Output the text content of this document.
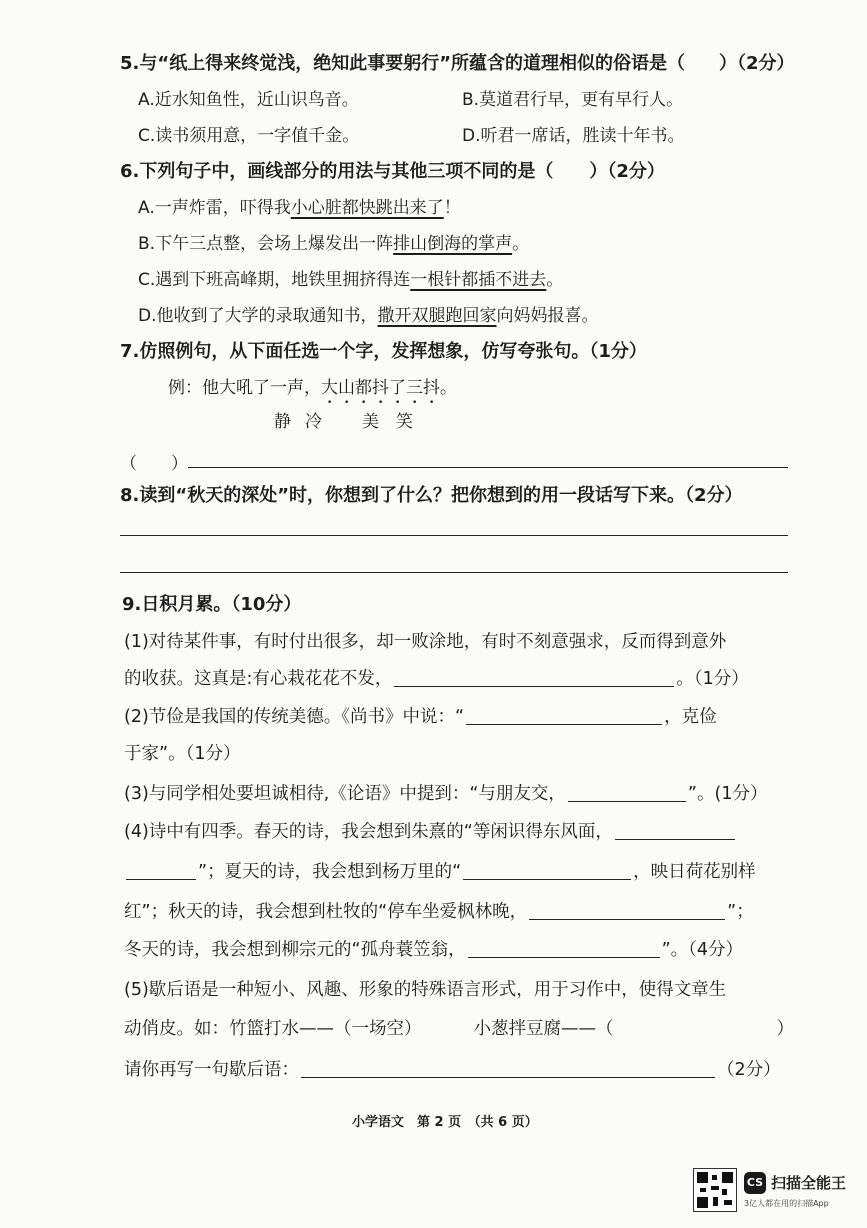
5.与“纸上得来终觉浅，绝知此事要躬行”所蕴含的道理相似的俗语是（ ）（2分）
A.近水知鱼性，近山识鸟音。	B.莫道君行早，更有早行人。
C.读书须用意，一字值千金。	D.听君一席话，胜读十年书。
6.下列句子中，画线部分的用法与其他三项不同的是（　　）（2分）
A.一声炸雷，吓得我小心脏都快跳出来了！
B.下午三点整，会场上爆发出一阵排山倒海的掌声。
C.遇到下班高峰期，地铁里拥挤得连一根针都插不进去。
D.他收到了大学的录取通知书，撒开双腿跑回家向妈妈报喜。
7.仿照例句，从下面任选一个字，发挥想象，仿写夸张句。（1分）
例：他大吼了一声，大山都抖了三抖。
静 冷 美 笑
（　　）
8.读到“秋天的深处”时，你想到了什么？把你想到的用一段话写下来。（2分）
9.日积月累。（10分）
(1)对待某件事，有时付出很多，却一败涂地，有时不刻意强求，反而得到意外
的收获。这真是:有心栽花花不发，	。（1分）
(2)节俭是我国的传统美德。《尚书》中说：“	，克俭
于家”。（1分）
(3)与同学相处要坦诚相待,《论语》中提到：“与朋友交，	”。(1分）
(4)诗中有四季。春天的诗，我会想到朱熹的“等闲识得东风面，
”；夏天的诗，我会想到杨万里的“	，映日荷花别样
红”；秋天的诗，我会想到杜牧的“停车坐爱枫林晚，	”；
冬天的诗，我会想到柳宗元的“孤舟蓑笠翁，	”。（4分）
(5)歇后语是一种短小、风趣、形象的特殊语言形式，用于习作中，使得文章生
动俏皮。如：竹篮打水——（一场空）	小葱拌豆腐——（	）
请你再写一句歇后语：	（2分）
小学语文　第 2 页　（共 6 页）
CS 扫描全能王
3亿人都在用的扫描App
